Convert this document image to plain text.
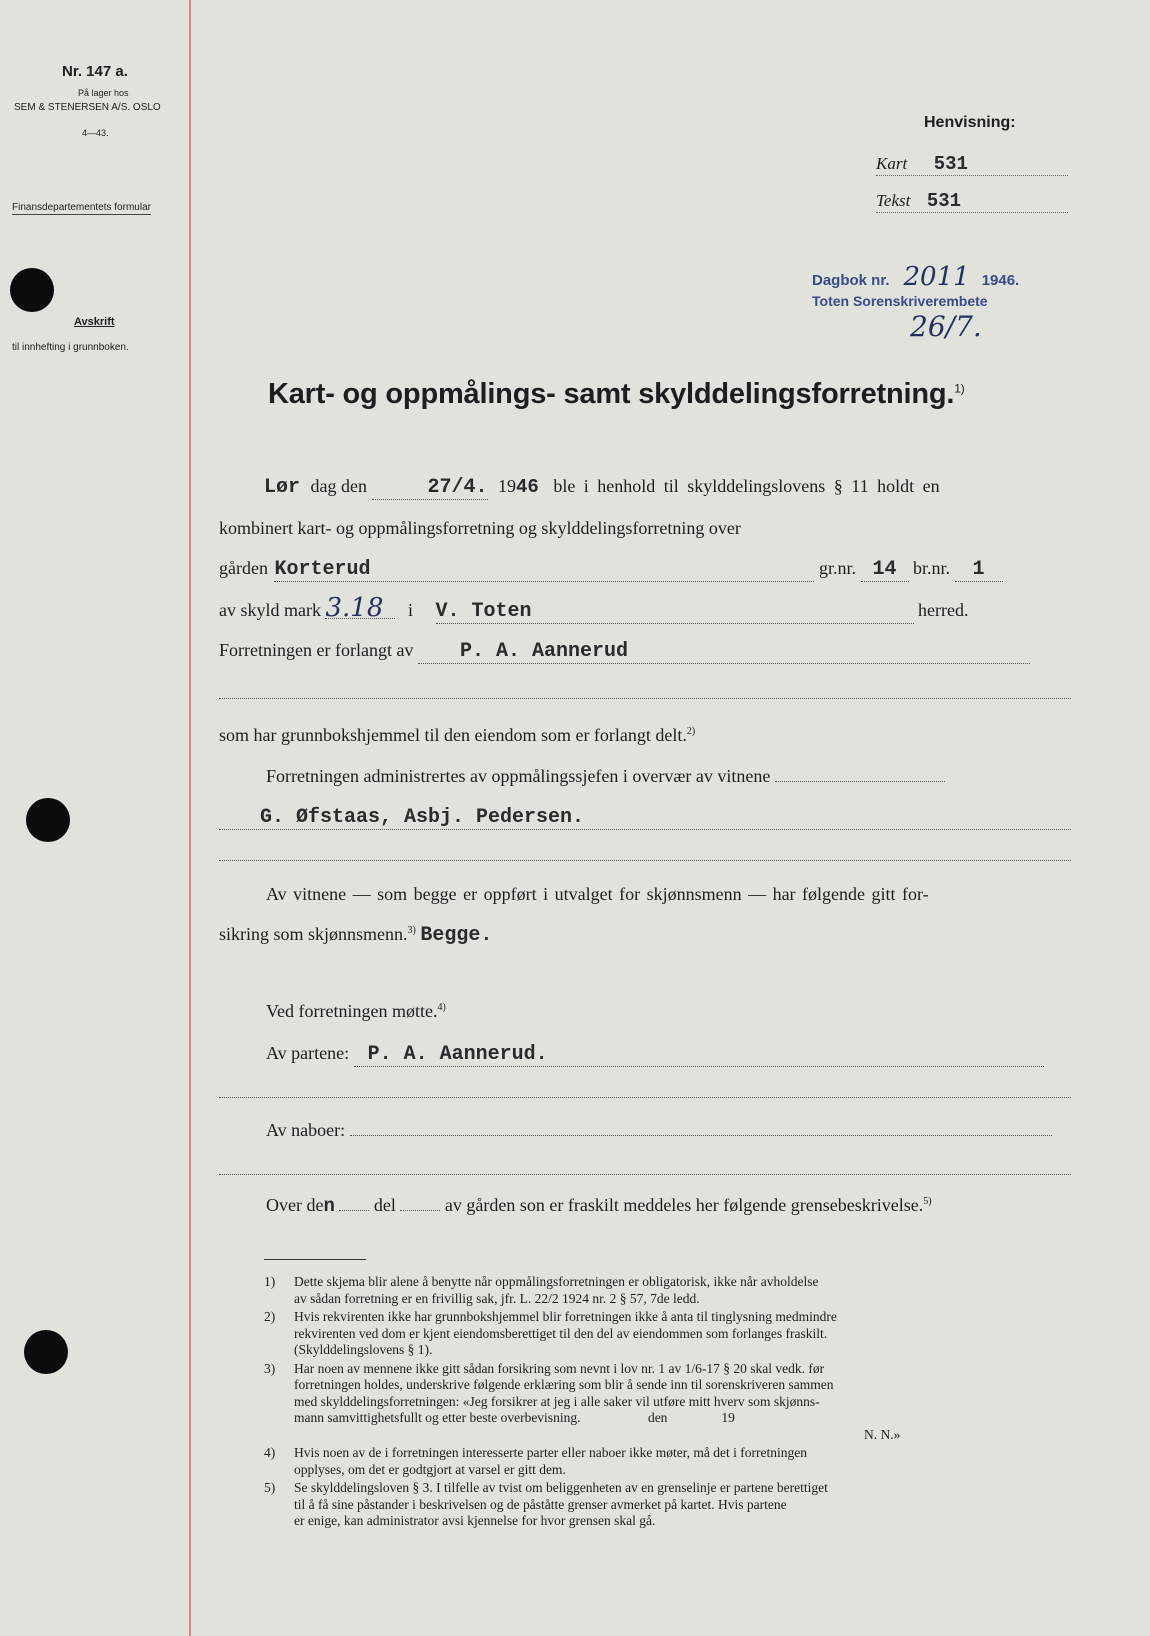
Nr. 147 a.
På lager hos
SEM & STENERSEN A/S. OSLO
4—43.
Finansdepartementets formular
Avskrift
til innhefting i grunnboken.
Henvisning:
Kart 531
Tekst 531
Dagbok nr. 2011 1946.
Toten Sorenskriverembete
26/7.
Kart- og oppmålings- samt skylddelingsforretning.$^{1)}$
Lør dag den	27/4. 1946 ble i henhold til skylddelingslovens § 11 holdt en
kombinert kart- og oppmålingsforretning og skylddelingsforretning over
gården Korterud	gr.nr. 14 br.nr. 1
av skyld mark 3.18 i V. Toten	herred.
Forretningen er forlangt av P. A. Aannerud
som har grunnbokshjemmel til den eiendom som er forlangt delt.$^{2)}$
Forretningen administrertes av oppmålingssjefen i overvær av vitnene
G. Øfstaas, Asbj. Pedersen.
Av vitnene — som begge er oppført i utvalget for skjønnsmenn — har følgende gitt for-
sikring som skjønnsmenn.$^{3)}$ Begge.
Ved forretningen møtte.$^{4)}$
Av partene: P. A. Aannerud.
Av naboer:
Over den del	av gården son er fraskilt meddeles her følgende grensebeskrivelse.$^{5)}$
1)	Dette skjema blir alene å benytte når oppmålingsforretningen er obligatorisk, ikke når avholdelse
av sådan forretning er en frivillig sak, jfr. L. 22/2 1924 nr. 2 § 57, 7de ledd.
2)	Hvis rekvirenten ikke har grunnbokshjemmel blir forretningen ikke å anta til tinglysning medmindre
rekvirenten ved dom er kjent eiendomsberettiget til den del av eiendommen som forlanges fraskilt.
(Skylddelingslovens § 1).
3)	Har noen av mennene ikke gitt sådan forsikring som nevnt i lov nr. 1 av 1/6-17 § 20 skal vedk. før
forretningen holdes, underskrive følgende erklæring som blir å sende inn til sorenskriveren sammen
med skylddelingsforretningen: «Jeg forsikrer at jeg i alle saker vil utføre mitt hverv som skjønns-
mann samvittighetsfullt og etter beste overbevisning.                    den                19
N. N.»
4)	Hvis noen av de i forretningen interesserte parter eller naboer ikke møter, må det i forretningen
opplyses, om det er godtgjort at varsel er gitt dem.
5)	Se skylddelingsloven § 3. I tilfelle av tvist om beliggenheten av en grenselinje er partene berettiget
til å få sine påstander i beskrivelsen og de påståtte grenser avmerket på kartet. Hvis partene
er enige, kan administrator avsi kjennelse for hvor grensen skal gå.
